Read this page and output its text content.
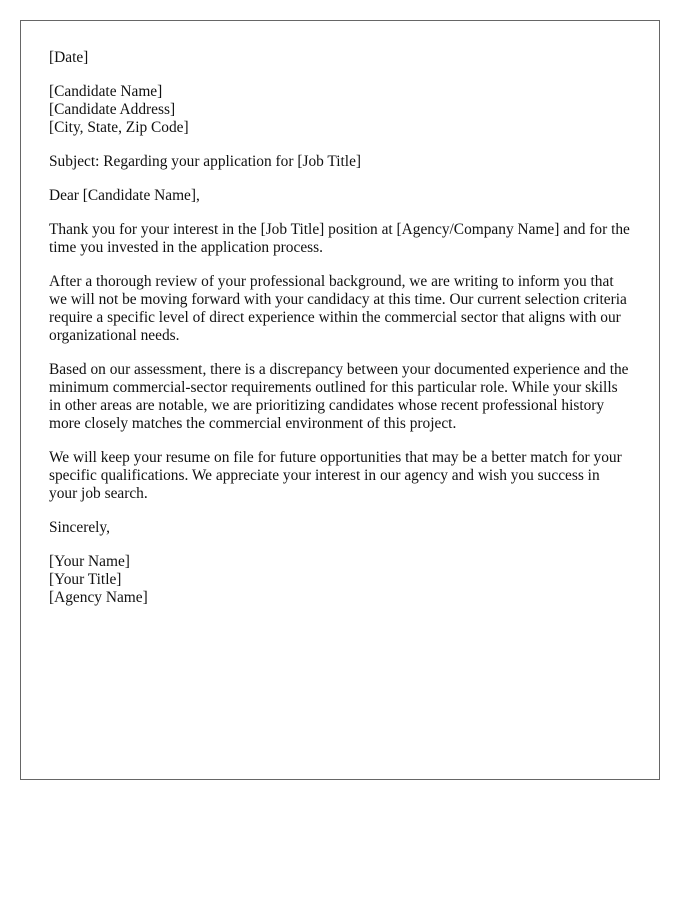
[Date]
[Candidate Name]
[Candidate Address]
[City, State, Zip Code]

Subject: Regarding your application for [Job Title]

Dear [Candidate Name],

Thank you for your interest in the [Job Title] position at [Agency/Company Name] and for the time you invested in the application process.

After a thorough review of your professional background, we are writing to inform you that we will not be moving forward with your candidacy at this time. Our current selection criteria require a specific level of direct experience within the commercial sector that aligns with our organizational needs.

Based on our assessment, there is a discrepancy between your documented experience and the minimum commercial-sector requirements outlined for this particular role. While your skills in other areas are notable, we are prioritizing candidates whose recent professional history more closely matches the commercial environment of this project.

We will keep your resume on file for future opportunities that may be a better match for your specific qualifications. We appreciate your interest in our agency and wish you success in your job search.

Sincerely,

[Your Name]
[Your Title]
[Agency Name]
